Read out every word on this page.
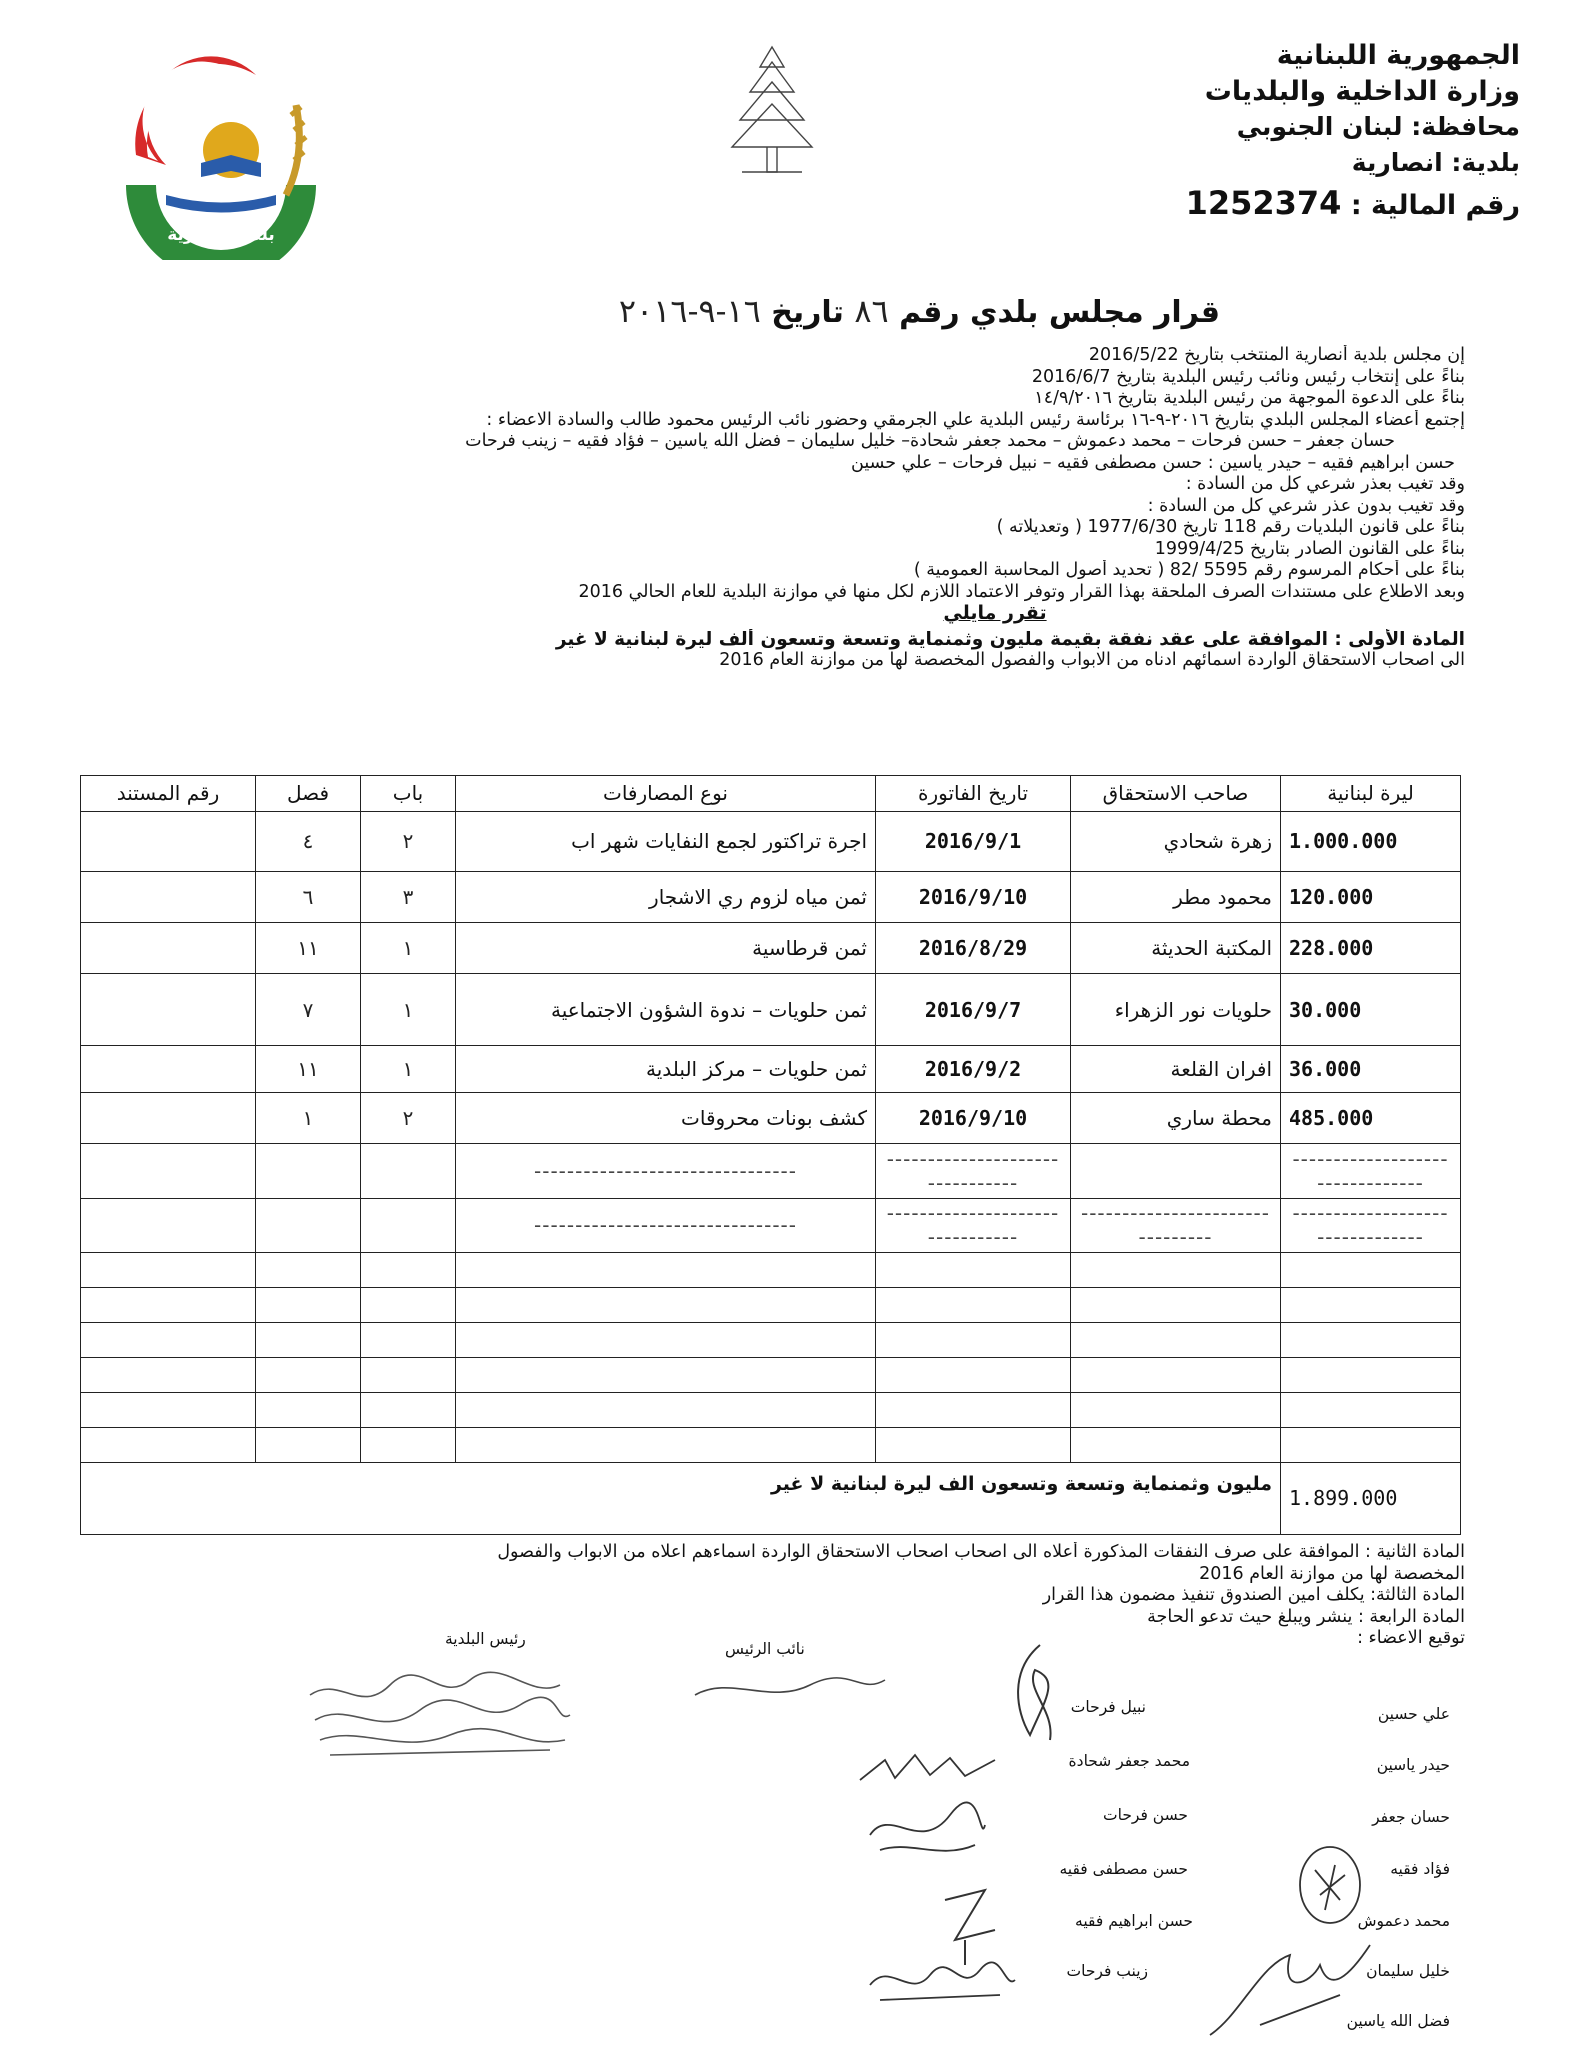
بلدية أنصارية
الجمهورية اللبنانية
وزارة الداخلية والبلديات
محافظة: لبنان الجنوبي
بلدية: انصارية
رقم المالية : 1252374
قرار مجلس بلدي رقم ٨٦ تاريخ ١٦-٩-٢٠١٦
إن مجلس بلدية أنصارية المنتخب بتاريخ 2016/5/22
بناءً على إنتخاب رئيس ونائب رئيس البلدية بتاريخ 2016/6/7
بناءً على الدعوة الموجهة من رئيس البلدية بتاريخ ١٤/٩/٢٠١٦
إجتمع أعضاء المجلس البلدي بتاريخ ٢٠١٦-٩-١٦ برئاسة رئيس البلدية علي الجرمقي وحضور نائب الرئيس محمود طالب والسادة الاعضاء :
حسان جعفر – حسن فرحات – محمد دعموش – محمد جعفر شحادة– خليل سليمان – فضل الله ياسين – فؤاد فقيه – زينب فرحات
حسن ابراهيم فقيه – حيدر ياسين : حسن مصطفى فقيه – نبيل فرحات – علي حسين
وقد تغيب بعذر شرعي كل من السادة :
وقد تغيب بدون عذر شرعي كل من السادة :
بناءً على قانون البلديات رقم 118 تاريخ 1977/6/30 ( وتعديلاته )
بناءً على القانون الصادر بتاريخ 1999/4/25
بناءً على أحكام المرسوم رقم 5595 /82 ( تحديد أصول المحاسبة العمومية )
وبعد الاطلاع على مستندات الصرف الملحقة بهذا القرار وتوفر الاعتماد اللازم لكل منها في موازنة البلدية للعام الحالي 2016
تقرر مايلي
المادة الأولى : الموافقة على عقد نفقة بقيمة مليون وثمنماية وتسعة وتسعون ألف ليرة لبنانية لا غير
الى اصحاب الاستحقاق الواردة اسمائهم ادناه من الابواب والفصول المخصصة لها من موازنة العام 2016
ليرة لبنانية	صاحب الاستحقاق	تاريخ الفاتورة	نوع المصارفات	باب	فصل	رقم المستند
1.000.000	زهرة شحادي	2016/9/1	اجرة تراكتور لجمع النفايات شهر اب	٢	٤	
120.000	محمود مطر	2016/9/10	ثمن مياه لزوم ري الاشجار	٣	٦	
228.000	المكتبة الحديثة	2016/8/29	ثمن قرطاسية	١	١١	
30.000	حلويات نور الزهراء	2016/9/7	ثمن حلويات – ندوة الشؤون الاجتماعية	١	٧	
36.000	افران القلعة	2016/9/2	ثمن حلويات – مركز البلدية	١	١١	
485.000	محطة ساري	2016/9/10	كشف بونات محروقات	٢	١	
--------------------------------		--------------------------------	--------------------------------			
--------------------------------	--------------------------------	--------------------------------	--------------------------------			

1.899.000	مليون وثمنماية وتسعة وتسعون الف ليرة لبنانية لا غير					
المادة الثانية : الموافقة على صرف النفقات المذكورة أعلاه الى اصحاب اصحاب الاستحقاق الواردة اسماءهم اعلاه من الابواب والفصول
المخصصة لها من موازنة العام 2016
المادة الثالثة: يكلف امين الصندوق تنفيذ مضمون هذا القرار
المادة الرابعة : ينشر ويبلغ حيث تدعو الحاجة
توقيع الاعضاء :
رئيس البلدية
نائب الرئيس
علي حسين
حيدر ياسين
حسان جعفر
فؤاد فقيه
محمد دعموش
خليل سليمان
فضل الله ياسين
نبيل فرحات
محمد جعفر شحادة
حسن فرحات
حسن مصطفى فقيه
حسن ابراهيم فقيه
زينب فرحات
